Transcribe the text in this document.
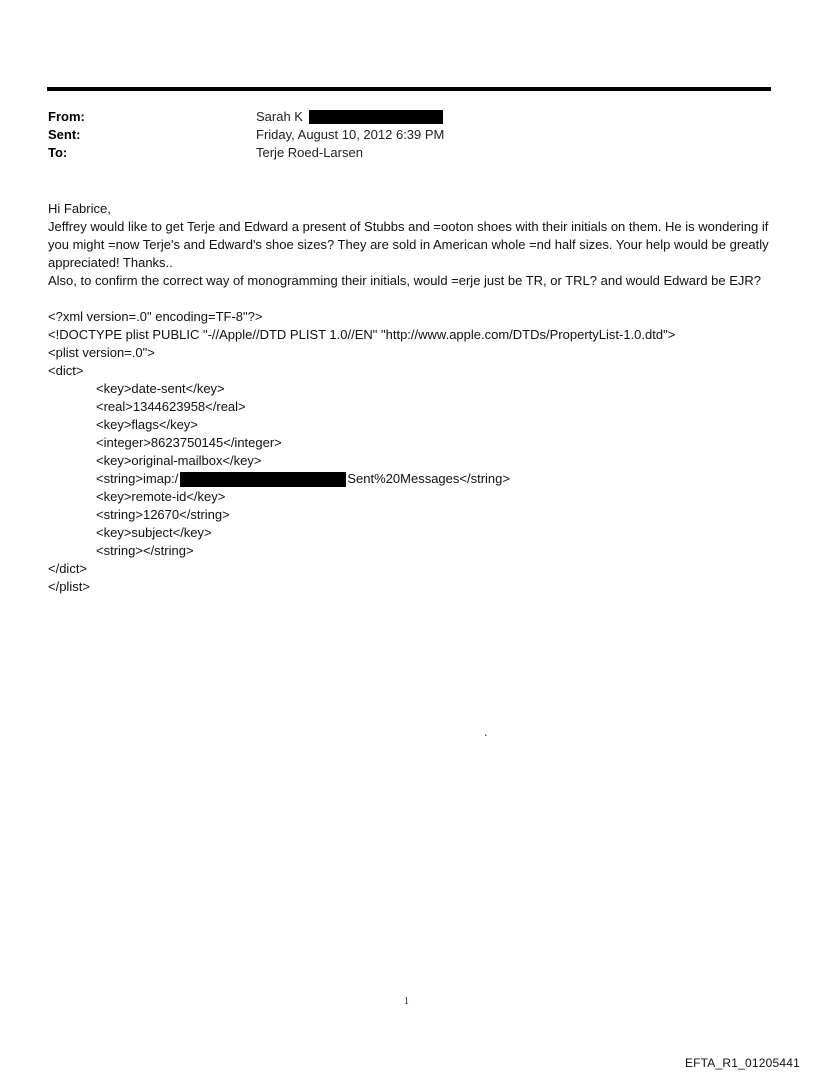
From:	Sarah K
Sent:	Friday, August 10, 2012 6:39 PM
To:	Terje Roed-Larsen

Hi Fabrice,

Jeffrey would like to get Terje and Edward a present of Stubbs and =ooton shoes with their initials on them. He is wondering if you might =now Terje's and Edward's shoe sizes? They are sold in American whole =nd half sizes. Your help would be greatly appreciated! Thanks..

Also, to confirm the correct way of monogramming their initials, would =erje just be TR, or TRL? and would Edward be EJR?

<?xml version=.0" encoding=TF-8"?>
<!DOCTYPE plist PUBLIC "-//Apple//DTD PLIST 1.0//EN" "http://www.apple.com/DTDs/PropertyList-1.0.dtd">
<plist version=.0">
<dict>
<key>date-sent</key>
<real>1344623958</real>
<key>flags</key>
<integer>8623750145</integer>
<key>original-mailbox</key>
<string>imap:/	Sent%20Messages</string>
<key>remote-id</key>
<string>12670</string>
<key>subject</key>
<string></string>
</dict>
</plist>
.
1
EFTA_R1_01205441
